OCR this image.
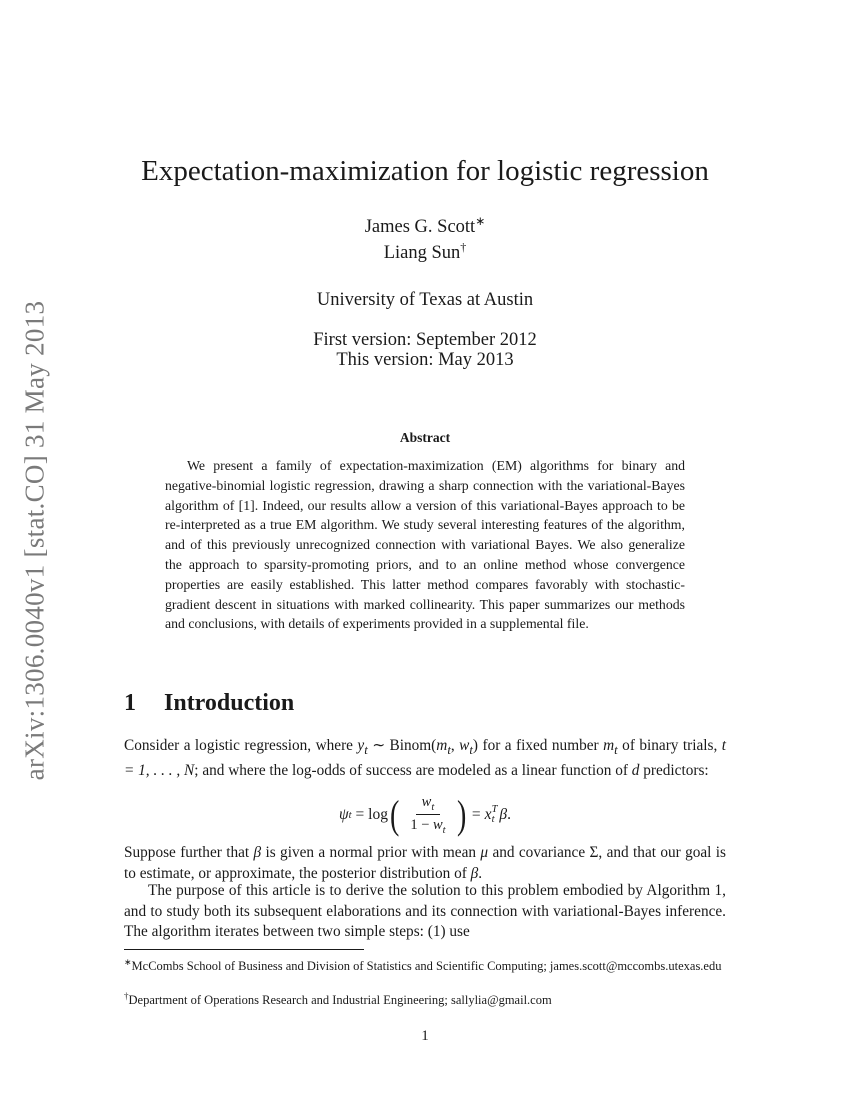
arXiv:1306.0040v1 [stat.CO] 31 May 2013
Expectation-maximization for logistic regression
James G. Scott∗
Liang Sun†
University of Texas at Austin
First version: September 2012
This version: May 2013
Abstract

We present a family of expectation-maximization (EM) algorithms for binary and negative-binomial logistic regression, drawing a sharp connection with the variational-Bayes algorithm of [1]. Indeed, our results allow a version of this variational-Bayes approach to be re-interpreted as a true EM algorithm. We study several interesting features of the algorithm, and of this previously unrecognized connection with variational Bayes. We also generalize the approach to sparsity-promoting priors, and to an online method whose convergence properties are easily established. This latter method compares favorably with stochastic-gradient descent in situations with marked collinearity. This paper summarizes our methods and conclusions, with details of experiments provided in a supplemental file.

1 Introduction

Consider a logistic regression, where $y_t$ ∼ $Binom(m_t$, $w_t$) for a fixed number $m_t$ of binary trials, t = 1, . . . , N; and where the log-odds of success are modeled as a linear function of d predictors:

ψ t = log ( $\frac{w_t}{1 - w_t}$ ) = x T
t β .

Suppose further that β is given a normal prior with mean μ and covariance Σ, and that our goal is to estimate, or approximate, the posterior distribution of β.

The purpose of this article is to derive the solution to this problem embodied by Algorithm 1, and to study both its subsequent elaborations and its connection with variational-Bayes inference. The algorithm iterates between two simple steps: (1) use

∗McCombs School of Business and Division of Statistics and Scientific Computing; james.scott@mccombs.utexas.edu

†Department of Operations Research and Industrial Engineering; sallylia@gmail.com

1
